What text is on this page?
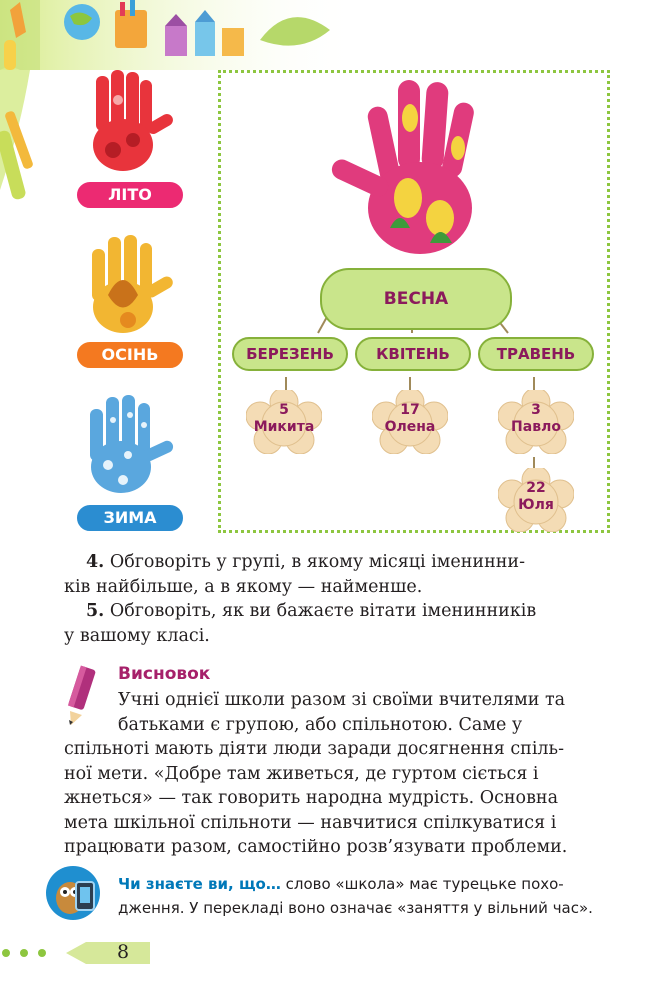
ЛІТО
ОСІНЬ
ЗИМА
ВЕСНА
БЕРЕЗЕНЬ	КВІТЕНЬ	ТРАВЕНЬ
5
Микита
17
Олена
3
Павло
22
Юля
4. Обговоріть у групі, в якому місяці іменинни-
ків найбільше, а в якому — найменше.
5. Обговоріть, як ви бажаєте вітати іменинників
у вашому класі.
Висновок
Учні однієї школи разом зі своїми вчителями та
батьками є групою, або спільнотою. Саме у
спільноті мають діяти люди заради досягнення спіль-
ної мети. «Добре там живеться, де гуртом сіється і
жнеться» — так говорить народна мудрість. Основна
мета шкільної спільноти — навчитися спілкуватися і
працювати разом, самостійно розв’язувати проблеми.
Чи знаєте ви, що… слово «школа» має турецьке похо-
дження. У перекладі воно означає «заняття у вільний час».
8
